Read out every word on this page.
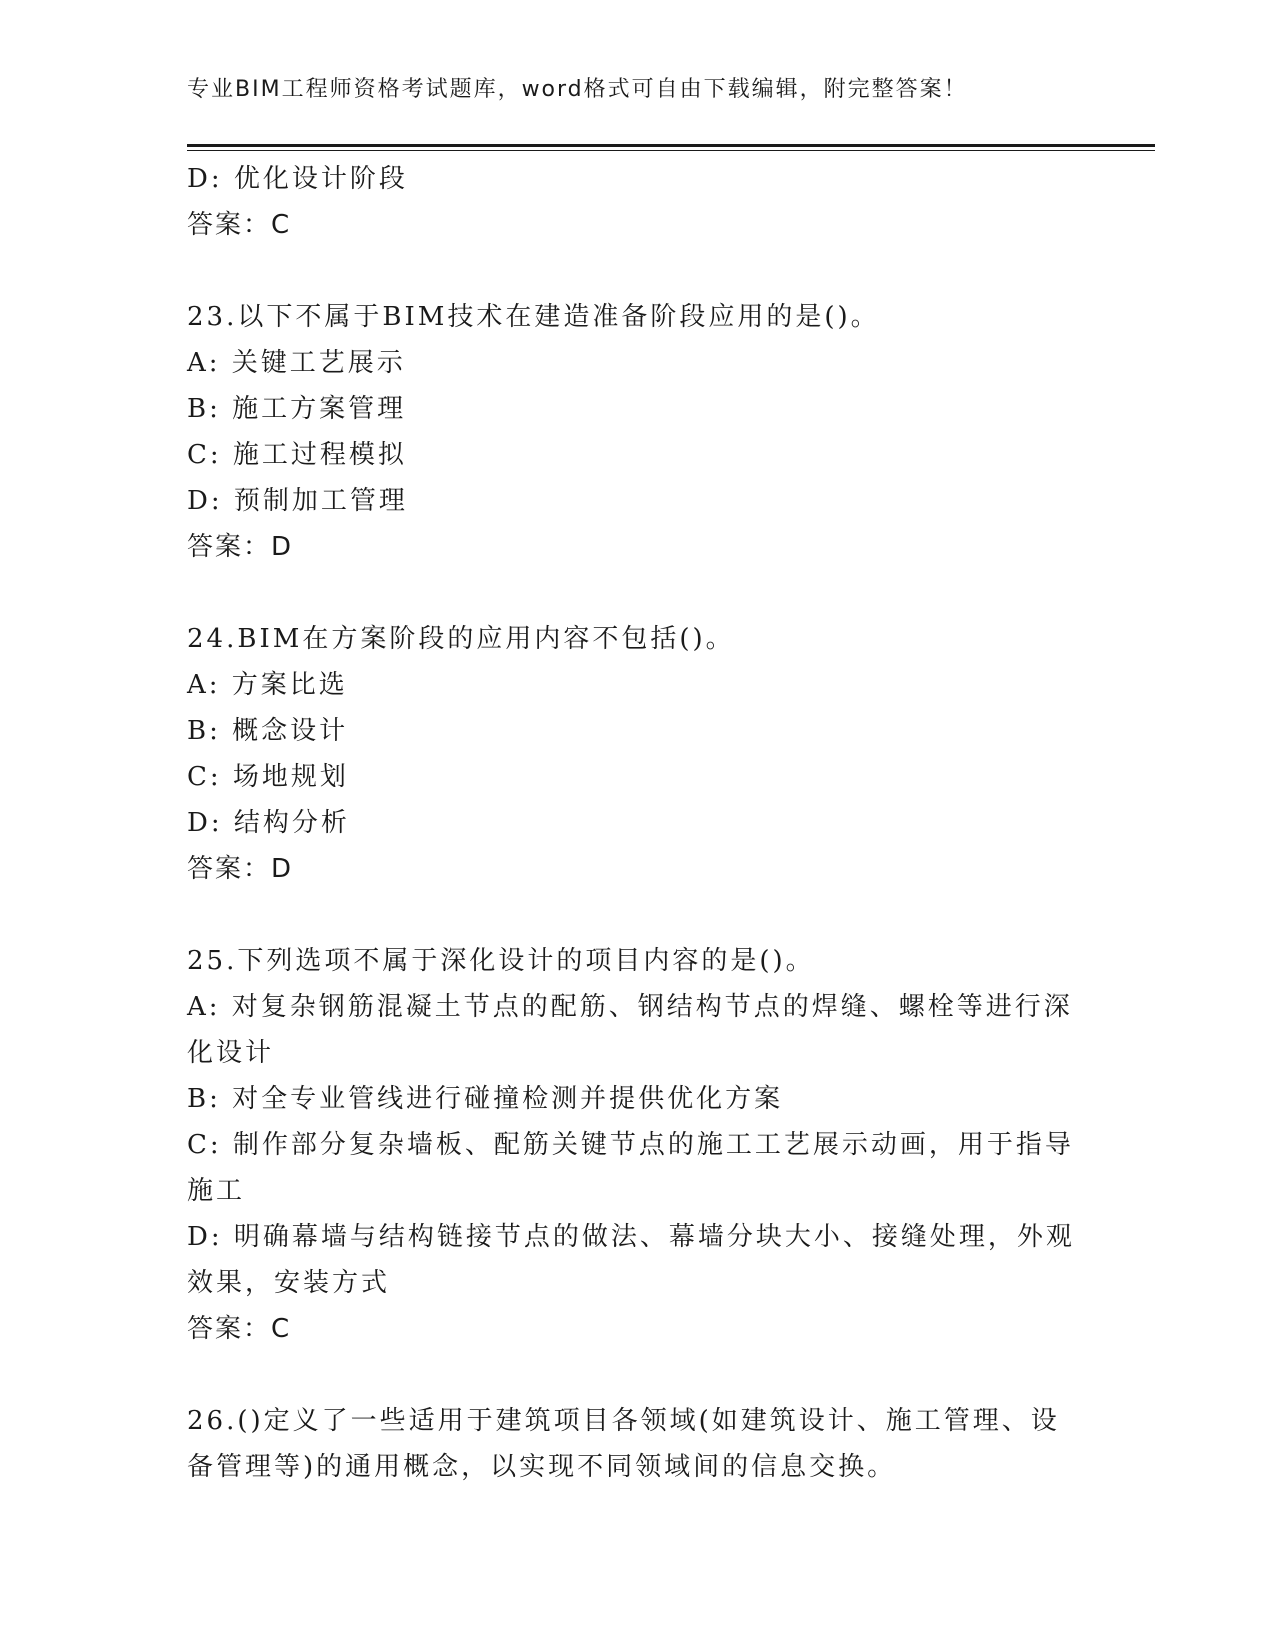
专业BIM工程师资格考试题库，word格式可自由下载编辑，附完整答案！
D: 优化设计阶段
答案：C
23.以下不属于BIM技术在建造准备阶段应用的是()。
A: 关键工艺展示
B: 施工方案管理
C: 施工过程模拟
D: 预制加工管理
答案：D
24.BIM在方案阶段的应用内容不包括()。
A: 方案比选
B: 概念设计
C: 场地规划
D: 结构分析
答案：D
25.下列选项不属于深化设计的项目内容的是()。
A: 对复杂钢筋混凝土节点的配筋、钢结构节点的焊缝、螺栓等进行深化设计
B: 对全专业管线进行碰撞检测并提供优化方案
C: 制作部分复杂墙板、配筋关键节点的施工工艺展示动画，用于指导施工
D: 明确幕墙与结构链接节点的做法、幕墙分块大小、接缝处理，外观效果，安装方式
答案：C
26.()定义了一些适用于建筑项目各领域(如建筑设计、施工管理、设备管理等)的通用概念，以实现不同领域间的信息交换。
